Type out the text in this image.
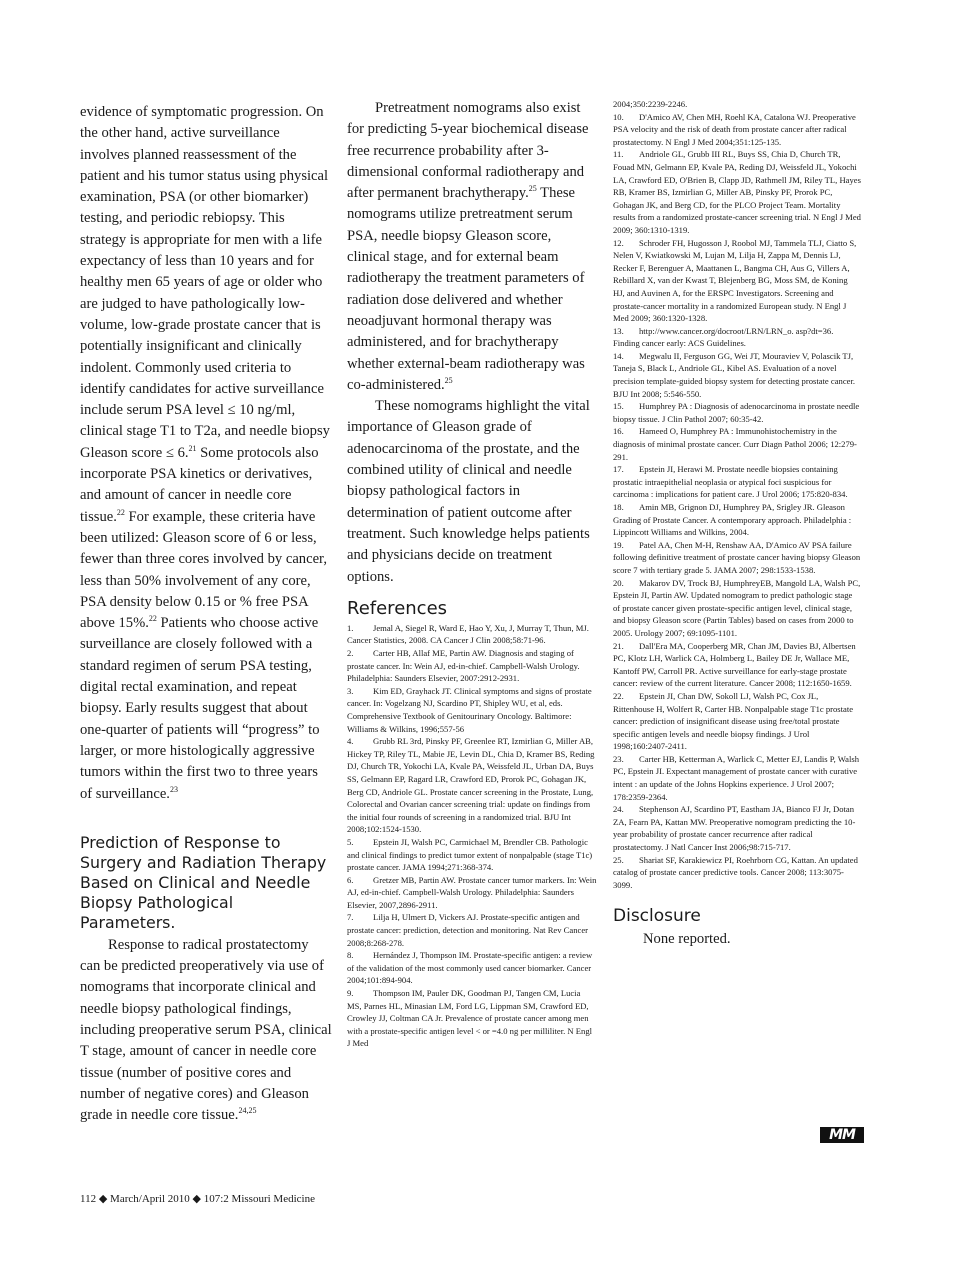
evidence of symptomatic progression. On the other hand, active surveillance involves planned reassessment of the patient and his tumor status using physical examination, PSA (or other biomarker) testing, and periodic rebiopsy. This strategy is appropriate for men with a life expectancy of less than 10 years and for healthy men 65 years of age or older who are judged to have pathologically low-volume, low-grade prostate cancer that is potentially insignificant and clinically indolent. Commonly used criteria to identify candidates for active surveillance include serum PSA level ≤ 10 ng/ml, clinical stage T1 to T2a, and needle biopsy Gleason score ≤ 6.21 Some protocols also incorporate PSA kinetics or derivatives, and amount of cancer in needle core tissue.$^{22}$ For example, these criteria have been utilized: Gleason score of 6 or less, fewer than three cores involved by cancer, less than 50% involvement of any core, PSA density below 0.15 or % free PSA above 15%.$^{22}$ Patients who choose active surveillance are closely followed with a standard regimen of serum PSA testing, digital rectal examination, and repeat biopsy. Early results suggest that about one-quarter of patients will “progress” to larger, or more histologically aggressive tumors within the first two to three years of surveillance.$^{23}$

Prediction of Response to Surgery and Radiation Therapy Based on Clinical and Needle Biopsy Pathological Parameters.

Response to radical prostatectomy can be predicted preoperatively via use of nomograms that incorporate clinical and needle biopsy pathological findings, including preoperative serum PSA, clinical T stage, amount of cancer in needle core tissue (number of positive cores and number of negative cores) and Gleason grade in needle core tissue.$^{24,25}$

Pretreatment nomograms also exist for predicting 5-year biochemical disease free recurrence probability after 3-dimensional conformal radiotherapy and after permanent brachytherapy.$^{25}$ These nomograms utilize pretreatment serum PSA, needle biopsy Gleason score, clinical stage, and for external beam radiotherapy the treatment parameters of radiation dose delivered and whether neoadjuvant hormonal therapy was administered, and for brachytherapy whether external-beam radiotherapy was co-administered.$^{25}$

These nomograms highlight the vital importance of Gleason grade of adenocarcinoma of the prostate, and the combined utility of clinical and needle biopsy pathological factors in determination of patient outcome after treatment. Such knowledge helps patients and physicians decide on treatment options.

References

1. Jemal A, Siegel R, Ward E, Hao Y, Xu, J, Murray T, Thun, MJ. Cancer Statistics, 2008. CA Cancer J Clin 2008;58:71-96.

2. Carter HB, Allaf ME, Partin AW. Diagnosis and staging of prostate cancer. In: Wein AJ, ed-in-chief. Campbell-Walsh Urology. Philadelphia: Saunders Elsevier, 2007:2912-2931.

3. Kim ED, Grayhack JT. Clinical symptoms and signs of prostate cancer. In: Vogelzang NJ, Scardino PT, Shipley WU, et al, eds. Comprehensive Textbook of Genitourinary Oncology. Baltimore: Williams & Wilkins, 1996;557-56

4. Grubb RL 3rd, Pinsky PF, Greenlee RT, Izmirlian G, Miller AB, Hickey TP, Riley TL, Mabie JE, Levin DL, Chia D, Kramer BS, Reding DJ, Church TR, Yokochi LA, Kvale PA, Weissfeld JL, Urban DA, Buys SS, Gelmann EP, Ragard LR, Crawford ED, Prorok PC, Gohagan JK, Berg CD, Andriole GL. Prostate cancer screening in the Prostate, Lung, Colorectal and Ovarian cancer screening trial: update on findings from the initial four rounds of screening in a randomized trial. BJU Int 2008;102:1524-1530.

5. Epstein JI, Walsh PC, Carmichael M, Brendler CB. Pathologic and clinical findings to predict tumor extent of nonpalpable (stage T1c) prostate cancer. JAMA 1994;271:368-374.

6. Gretzer MB, Partin AW. Prostate cancer tumor markers. In: Wein AJ, ed-in-chief. Campbell-Walsh Urology. Philadelphia: Saunders Elsevier, 2007,2896-2911.

7. Lilja H, Ulmert D, Vickers AJ. Prostate-specific antigen and prostate cancer: prediction, detection and monitoring. Nat Rev Cancer 2008;8:268-278.

8. Hernández J, Thompson IM. Prostate-specific antigen: a review of the validation of the most commonly used cancer biomarker. Cancer 2004;101:894-904.

9. Thompson IM, Pauler DK, Goodman PJ, Tangen CM, Lucia MS, Parnes HL, Minasian LM, Ford LG, Lippman SM, Crawford ED, Crowley JJ, Coltman CA Jr. Prevalence of prostate cancer among men with a prostate-specific antigen level < or =4.0 ng per milliliter. N Engl J Med

2004;350:2239-2246.

10. D'Amico AV, Chen MH, Roehl KA, Catalona WJ. Preoperative PSA velocity and the risk of death from prostate cancer after radical prostatectomy. N Engl J Med 2004;351:125-135.

11. Andriole GL, Grubb III RL, Buys SS, Chia D, Church TR, Fouad MN, Gelmann EP, Kvale PA, Reding DJ, Weissfeld JL, Yokochi LA, Crawford ED, O'Brien B, Clapp JD, Rathmell JM, Riley TL, Hayes RB, Kramer BS, Izmirlian G, Miller AB, Pinsky PF, Prorok PC, Gohagan JK, and Berg CD, for the PLCO Project Team. Mortality results from a randomized prostate-cancer screening trial. N Engl J Med 2009; 360:1310-1319.

12. Schroder FH, Hugosson J, Roobol MJ, Tammela TLJ, Ciatto S, Nelen V, Kwiatkowski M, Lujan M, Lilja H, Zappa M, Dennis LJ, Recker F, Berenguer A, Maattanen L, Bangma CH, Aus G, Villers A, Rebillard X, van der Kwast T, Blejenberg BG, Moss SM, de Koning HJ, and Auvinen A, for the ERSPC Investigators. Screening and prostate-cancer mortality in a randomized European study. N Engl J Med 2009; 360:1320-1328.

13. http://www.cancer.org/docroot/LRN/LRN_o. asp?dt=36. Finding cancer early: ACS Guidelines.

14. Megwalu II, Ferguson GG, Wei JT, Mouraviev V, Polascik TJ, Taneja S, Black L, Andriole GL, Kibel AS. Evaluation of a novel precision template-guided biopsy system for detecting prostate cancer. BJU Int 2008; 5:546-550.

15. Humphrey PA : Diagnosis of adenocarcinoma in prostate needle biopsy tissue. J Clin Pathol 2007; 60:35-42.

16. Hameed O, Humphrey PA : Immunohistochemistry in the diagnosis of minimal prostate cancer. Curr Diagn Pathol 2006; 12:279-291.

17. Epstein JI, Herawi M. Prostate needle biopsies containing prostatic intraepithelial neoplasia or atypical foci suspicious for carcinoma : implications for patient care. J Urol 2006; 175:820-834.

18. Amin MB, Grignon DJ, Humphrey PA, Srigley JR. Gleason Grading of Prostate Cancer. A contemporary approach. Philadelphia : Lippincott Williams and Wilkins, 2004.

19. Patel AA, Chen M-H, Renshaw AA, D'Amico AV PSA failure following definitive treatment of prostate cancer having biopsy Gleason score 7 with tertiary grade 5. JAMA 2007; 298:1533-1538.

20. Makarov DV, Trock BJ, HumphreyEB, Mangold LA, Walsh PC, Epstein JI, Partin AW. Updated nomogram to predict pathologic stage of prostate cancer given prostate-specific antigen level, clinical stage, and biopsy Gleason score (Partin Tables) based on cases from 2000 to 2005. Urology 2007; 69:1095-1101.

21. Dall'Era MA, Cooperberg MR, Chan JM, Davies BJ, Albertsen PC, Klotz LH, Warlick CA, Holmberg L, Bailey DE Jr, Wallace ME, Kantoff PW, Carroll PR. Active surveillance for early-stage prostate cancer: review of the current literature. Cancer 2008; 112:1650-1659.

22. Epstein JI, Chan DW, Sokoll LJ, Walsh PC, Cox JL, Rittenhouse H, Wolfert R, Carter HB. Nonpalpable stage T1c prostate cancer: prediction of insignificant disease using free/total prostate specific antigen levels and needle biopsy findings. J Urol 1998;160:2407-2411.

23. Carter HB, Ketterman A, Warlick C, Metter EJ, Landis P, Walsh PC, Epstein JI. Expectant management of prostate cancer with curative intent : an update of the Johns Hopkins experience. J Urol 2007; 178:2359-2364.

24. Stephenson AJ, Scardino PT, Eastham JA, Bianco FJ Jr, Dotan ZA, Fearn PA, Kattan MW. Preoperative nomogram predicting the 10-year probability of prostate cancer recurrence after radical prostatectomy. J Natl Cancer Inst 2006;98:715-717.

25. Shariat SF, Karakiewicz PI, Roehrborn CG, Kattan. An updated catalog of prostate cancer predictive tools. Cancer 2008; 113:3075-3099.

Disclosure

None reported.

MM
112 ◆ March/April 2010 ◆ 107:2 Missouri Medicine
